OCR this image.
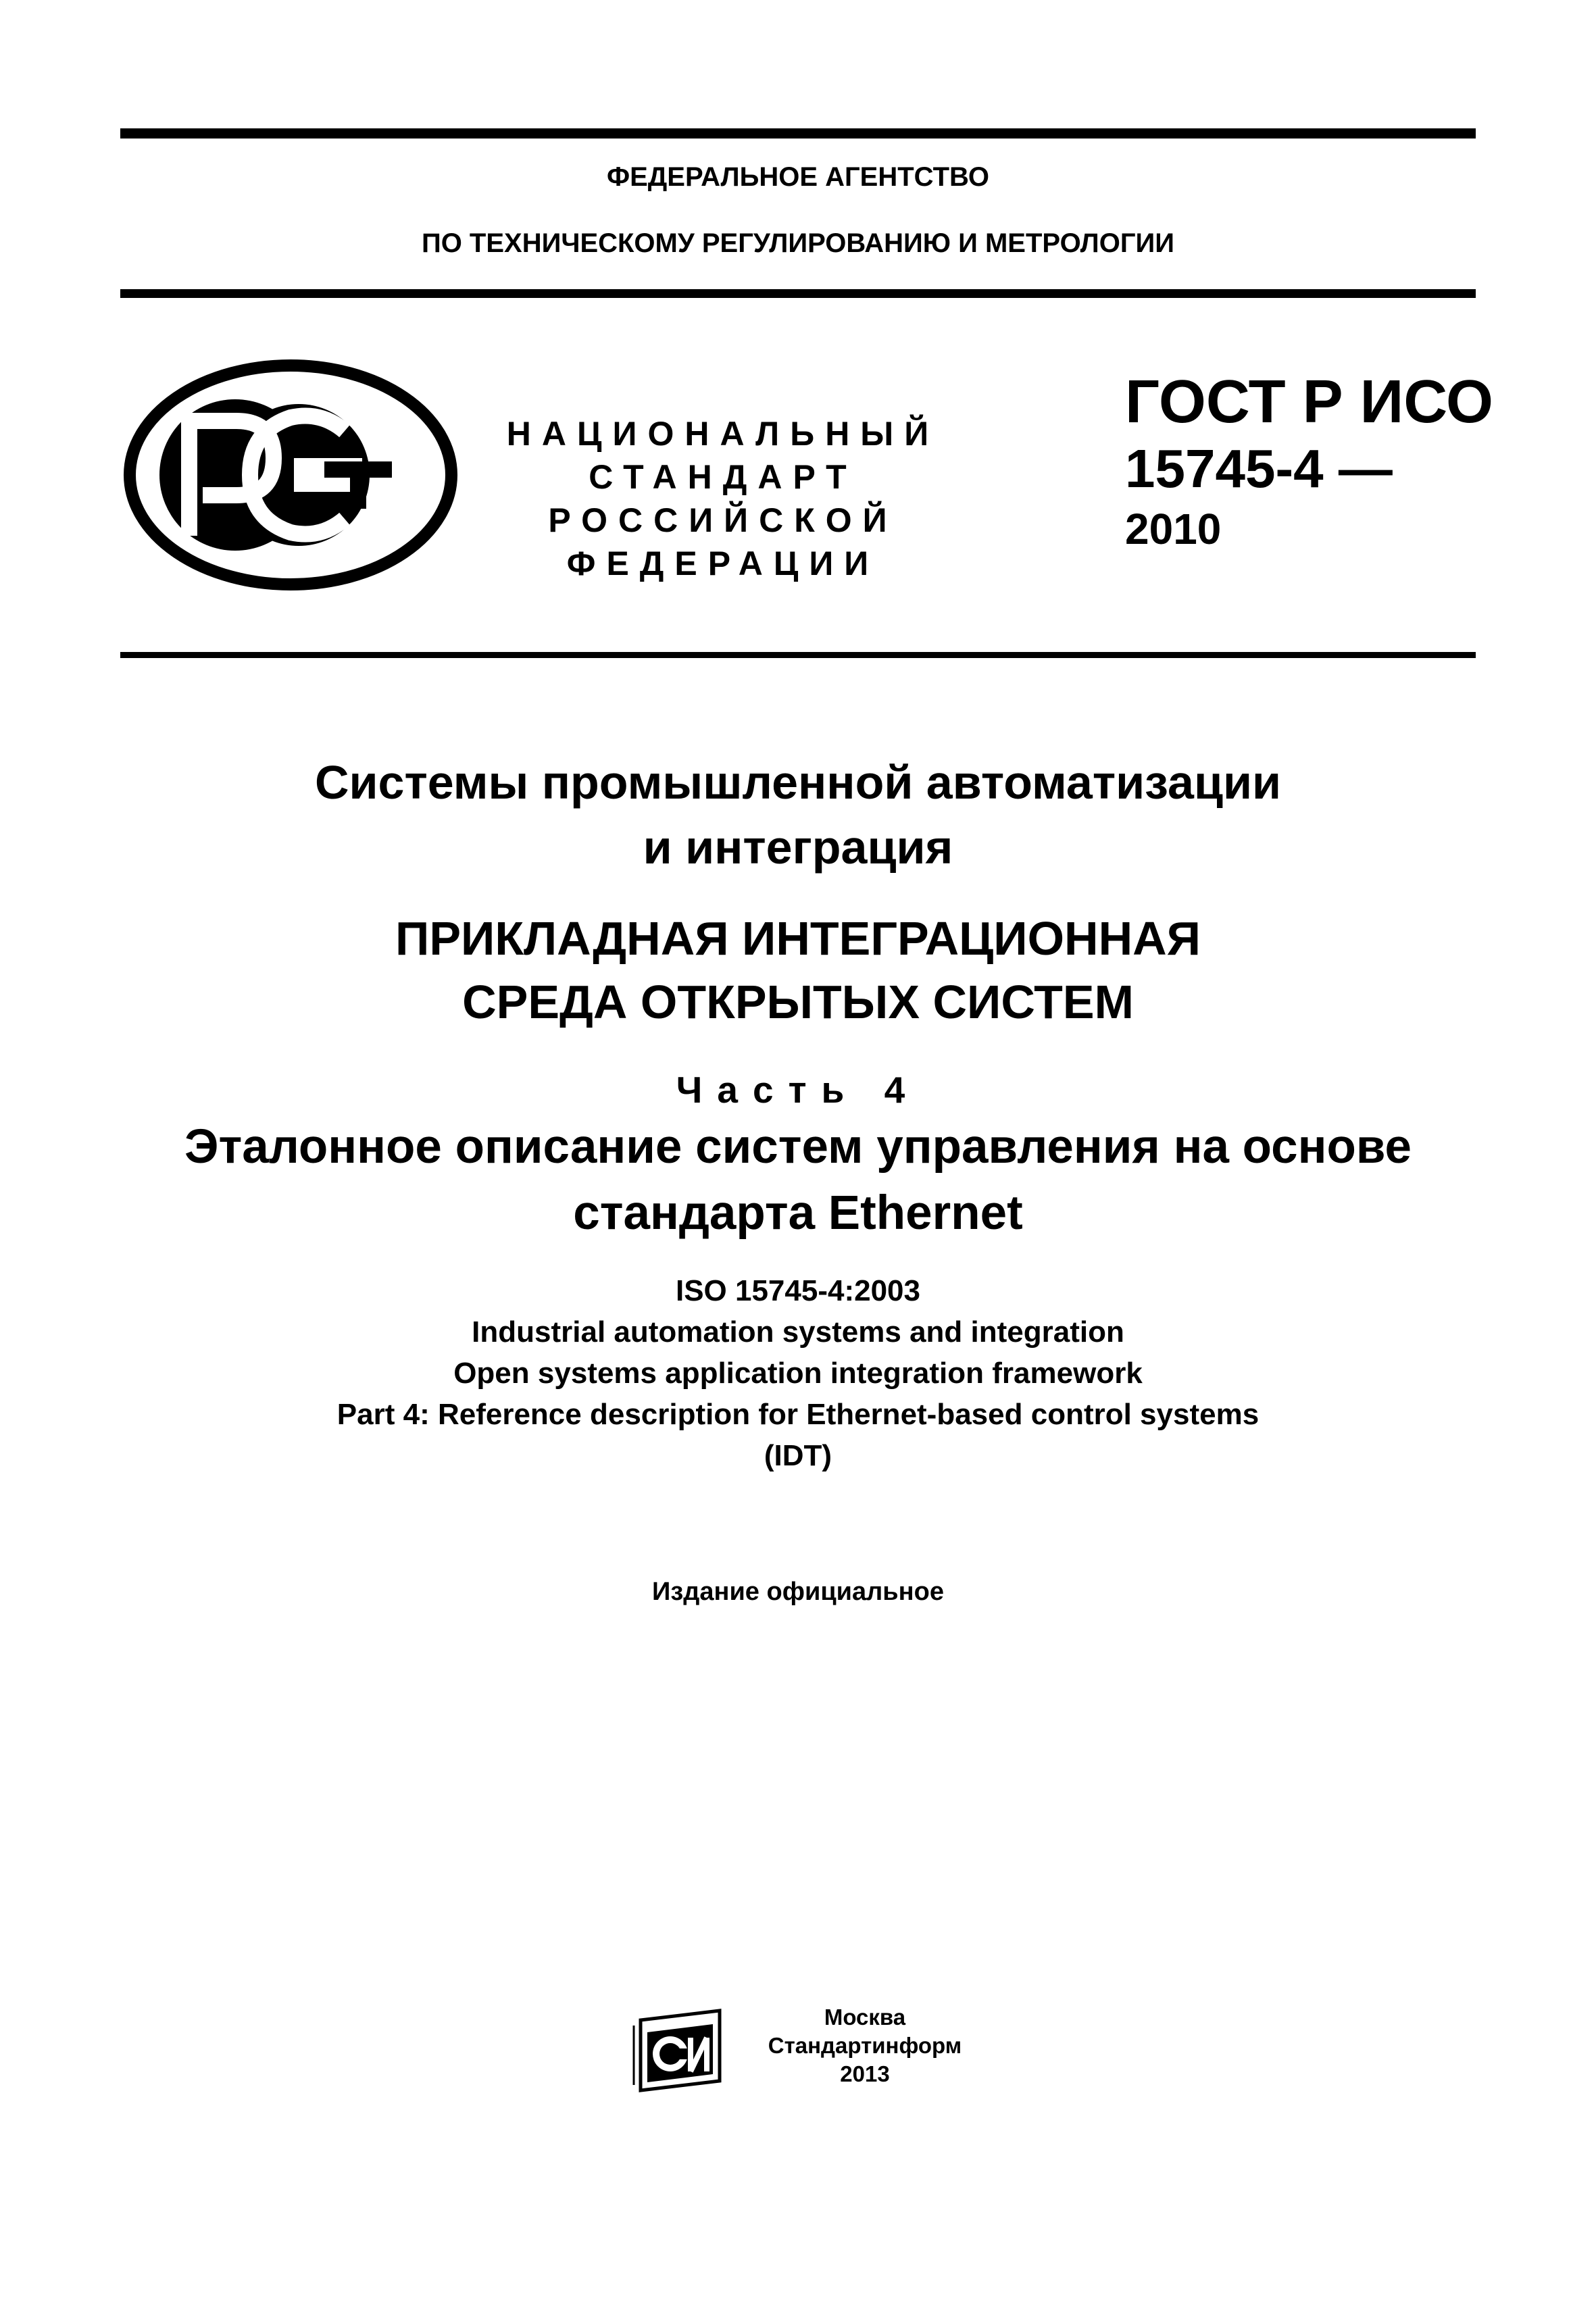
ФЕДЕРАЛЬНОЕ АГЕНТСТВО
ПО ТЕХНИЧЕСКОМУ РЕГУЛИРОВАНИЮ И МЕТРОЛОГИИ
НАЦИОНАЛЬНЫЙ
СТАНДАРТ
РОССИЙСКОЙ
ФЕДЕРАЦИИ
ГОСТ Р ИСО
15745-4 —
2010
Системы промышленной автоматизации
и интеграция
ПРИКЛАДНАЯ ИНТЕГРАЦИОННАЯ
СРЕДА ОТКРЫТЫХ СИСТЕМ
Часть 4
Эталонное описание систем управления на основе
стандарта Ethernet
ISO 15745-4:2003
Industrial automation systems and integration
Open systems application integration framework
Part 4: Reference description for Ethernet-based control systems
(IDT)
Издание официальное
Москва
Стандартинформ
2013
